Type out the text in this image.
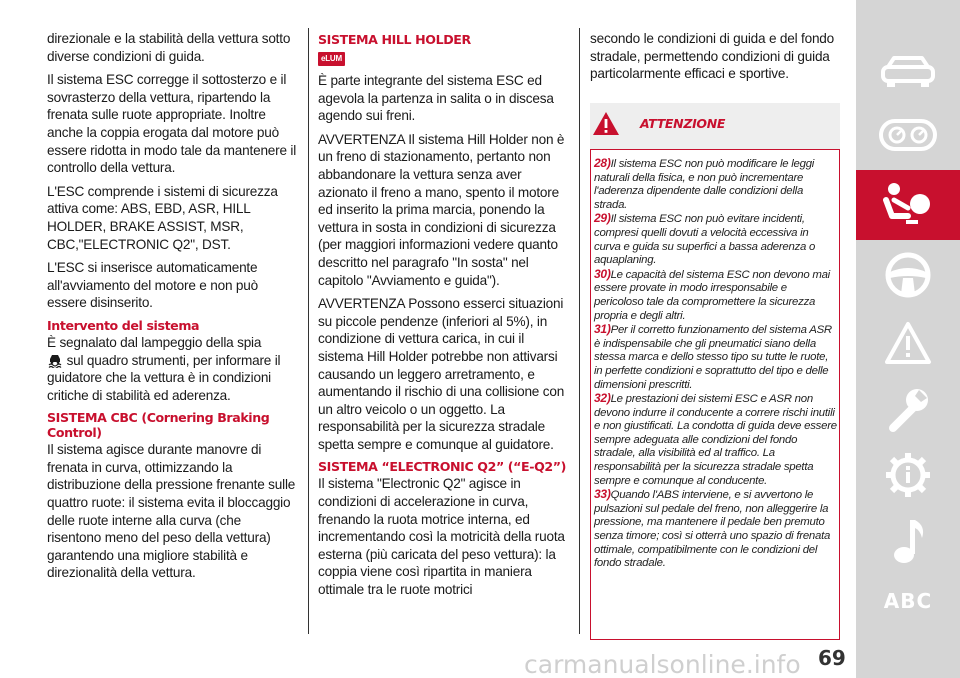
direzionale e la stabilità della vettura sotto diverse condizioni di guida.

Il sistema ESC corregge il sottosterzo e il sovrasterzo della vettura, ripartendo la frenata sulle ruote appropriate. Inoltre anche la coppia erogata dal motore può essere ridotta in modo tale da mantenere il controllo della vettura.

L'ESC comprende i sistemi di sicurezza attiva come: ABS, EBD, ASR, HILL HOLDER, BRAKE ASSIST, MSR, CBC,"ELECTRONIC Q2", DST.

L'ESC si inserisce automaticamente all'avviamento del motore e non può essere disinserito.

Intervento del sistema

È segnalato dal lampeggio della spia
sul quadro strumenti, per informare il guidatore che la vettura è in condizioni critiche di stabilità ed aderenza.

SISTEMA CBC (Cornering Braking Control)

Il sistema agisce durante manovre di frenata in curva, ottimizzando la distribuzione della pressione frenante sulle quattro ruote: il sistema evita il bloccaggio delle ruote interne alla curva (che risentono meno del peso della vettura) garantendo una migliore stabilità e direzionalità della vettura.

SISTEMA HILL HOLDER
eLUM

È parte integrante del sistema ESC ed agevola la partenza in salita o in discesa agendo sui freni.

AVVERTENZA Il sistema Hill Holder non è un freno di stazionamento, pertanto non abbandonare la vettura senza aver azionato il freno a mano, spento il motore ed inserito la prima marcia, ponendo la vettura in sosta in condizioni di sicurezza (per maggiori informazioni vedere quanto descritto nel paragrafo "In sosta" nel capitolo "Avviamento e guida").

AVVERTENZA Possono esserci situazioni su piccole pendenze (inferiori al 5%), in condizione di vettura carica, in cui il sistema Hill Holder potrebbe non attivarsi causando un leggero arretramento, e aumentando il rischio di una collisione con un altro veicolo o un oggetto. La responsabilità per la sicurezza stradale spetta sempre e comunque al guidatore.

SISTEMA “ELECTRONIC Q2” (“E-Q2”)

Il sistema "Electronic Q2" agisce in condizioni di accelerazione in curva, frenando la ruota motrice interna, ed incrementando così la motricità della ruota esterna (più caricata del peso vettura): la coppia viene così ripartita in maniera ottimale tra le ruote motrici

secondo le condizioni di guida e del fondo stradale, permettendo condizioni di guida particolarmente efficaci e sportive.

ATTENZIONE
28)Il sistema ESC non può modificare le leggi naturali della fisica, e non può incrementare l'aderenza dipendente dalle condizioni della strada.
29)Il sistema ESC non può evitare incidenti, compresi quelli dovuti a velocità eccessiva in curva e guida su superfici a bassa aderenza o aquaplaning.
30)Le capacità del sistema ESC non devono mai essere provate in modo irresponsabile e pericoloso tale da compromettere la sicurezza propria e degli altri.
31)Per il corretto funzionamento del sistema ASR è indispensabile che gli pneumatici siano della stessa marca e dello stesso tipo su tutte le ruote, in perfette condizioni e soprattutto del tipo e delle dimensioni prescritti.
32)Le prestazioni dei sistemi ESC e ASR non devono indurre il conducente a correre rischi inutili e non giustificati. La condotta di guida deve essere sempre adeguata alle condizioni del fondo stradale, alla visibilità ed al traffico. La responsabilità per la sicurezza stradale spetta sempre e comunque al conducente.
33)Quando l'ABS interviene, e si avvertono le pulsazioni sul pedale del freno, non alleggerire la pressione, ma mantenere il pedale ben premuto senza timore; così si otterrà uno spazio di frenata ottimale, compatibilmente con le condizioni del fondo stradale.
ABC
carmanualsonline.info 69
